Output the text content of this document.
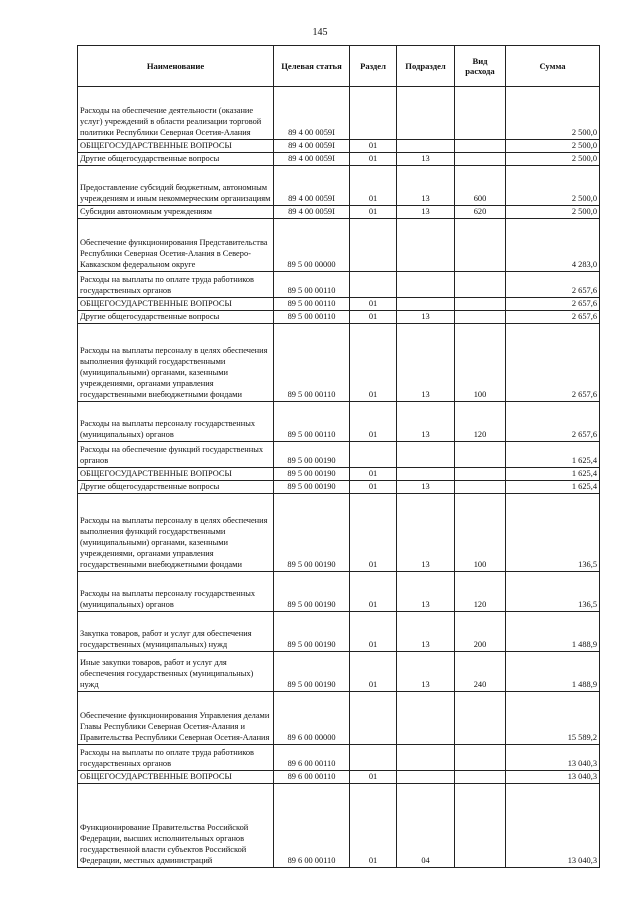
145
Наименование	Целевая статья	Раздел	Подраздел	Вид расхода	Сумма
Расходы на обеспечение деятельности (оказание услуг) учреждений в области реализации торговой политики Республики Северная Осетия-Алания	89 4 00 0059I				2 500,0
ОБЩЕГОСУДАРСТВЕННЫЕ ВОПРОСЫ	89 4 00 0059I	01			2 500,0
Другие общегосударственные вопросы	89 4 00 0059I	01	13		2 500,0
Предоставление субсидий бюджетным, автономным учреждениям и иным некоммерческим организациям	89 4 00 0059I	01	13	600	2 500,0
Субсидии автономным учреждениям	89 4 00 0059I	01	13	620	2 500,0
Обеспечение функционирования Представительства Республики Северная Осетия-Алания в Северо-Кавказском федеральном округе	89 5 00 00000				4 283,0
Расходы на выплаты по оплате труда работников государственных органов	89 5 00 00110				2 657,6
ОБЩЕГОСУДАРСТВЕННЫЕ ВОПРОСЫ	89 5 00 00110	01			2 657,6
Другие общегосударственные вопросы	89 5 00 00110	01	13		2 657,6
Расходы на выплаты персоналу в целях обеспечения выполнения функций государственными (муниципальными) органами, казенными учреждениями, органами управления государственными внебюджетными фондами	89 5 00 00110	01	13	100	2 657,6
Расходы на выплаты персоналу государственных (муниципальных) органов	89 5 00 00110	01	13	120	2 657,6
Расходы на обеспечение функций государственных органов	89 5 00 00190				1 625,4
ОБЩЕГОСУДАРСТВЕННЫЕ ВОПРОСЫ	89 5 00 00190	01			1 625,4
Другие общегосударственные вопросы	89 5 00 00190	01	13		1 625,4
Расходы на выплаты персоналу в целях обеспечения выполнения функций государственными (муниципальными) органами, казенными учреждениями, органами управления государственными внебюджетными фондами	89 5 00 00190	01	13	100	136,5
Расходы на выплаты персоналу государственных (муниципальных) органов	89 5 00 00190	01	13	120	136,5
Закупка товаров, работ и услуг для обеспечения государственных (муниципальных) нужд	89 5 00 00190	01	13	200	1 488,9
Иные закупки товаров, работ и услуг для обеспечения государственных (муниципальных) нужд	89 5 00 00190	01	13	240	1 488,9
Обеспечение функционирования Управления делами Главы Республики Северная Осетия-Алания и Правительства Республики Северная Осетия-Алания	89 6 00 00000				15 589,2
Расходы на выплаты по оплате труда работников государственных органов	89 6 00 00110				13 040,3
ОБЩЕГОСУДАРСТВЕННЫЕ ВОПРОСЫ	89 6 00 00110	01			13 040,3
Функционирование Правительства Российской Федерации, высших исполнительных органов государственной власти субъектов Российской Федерации, местных администраций	89 6 00 00110	01	04		13 040,3
